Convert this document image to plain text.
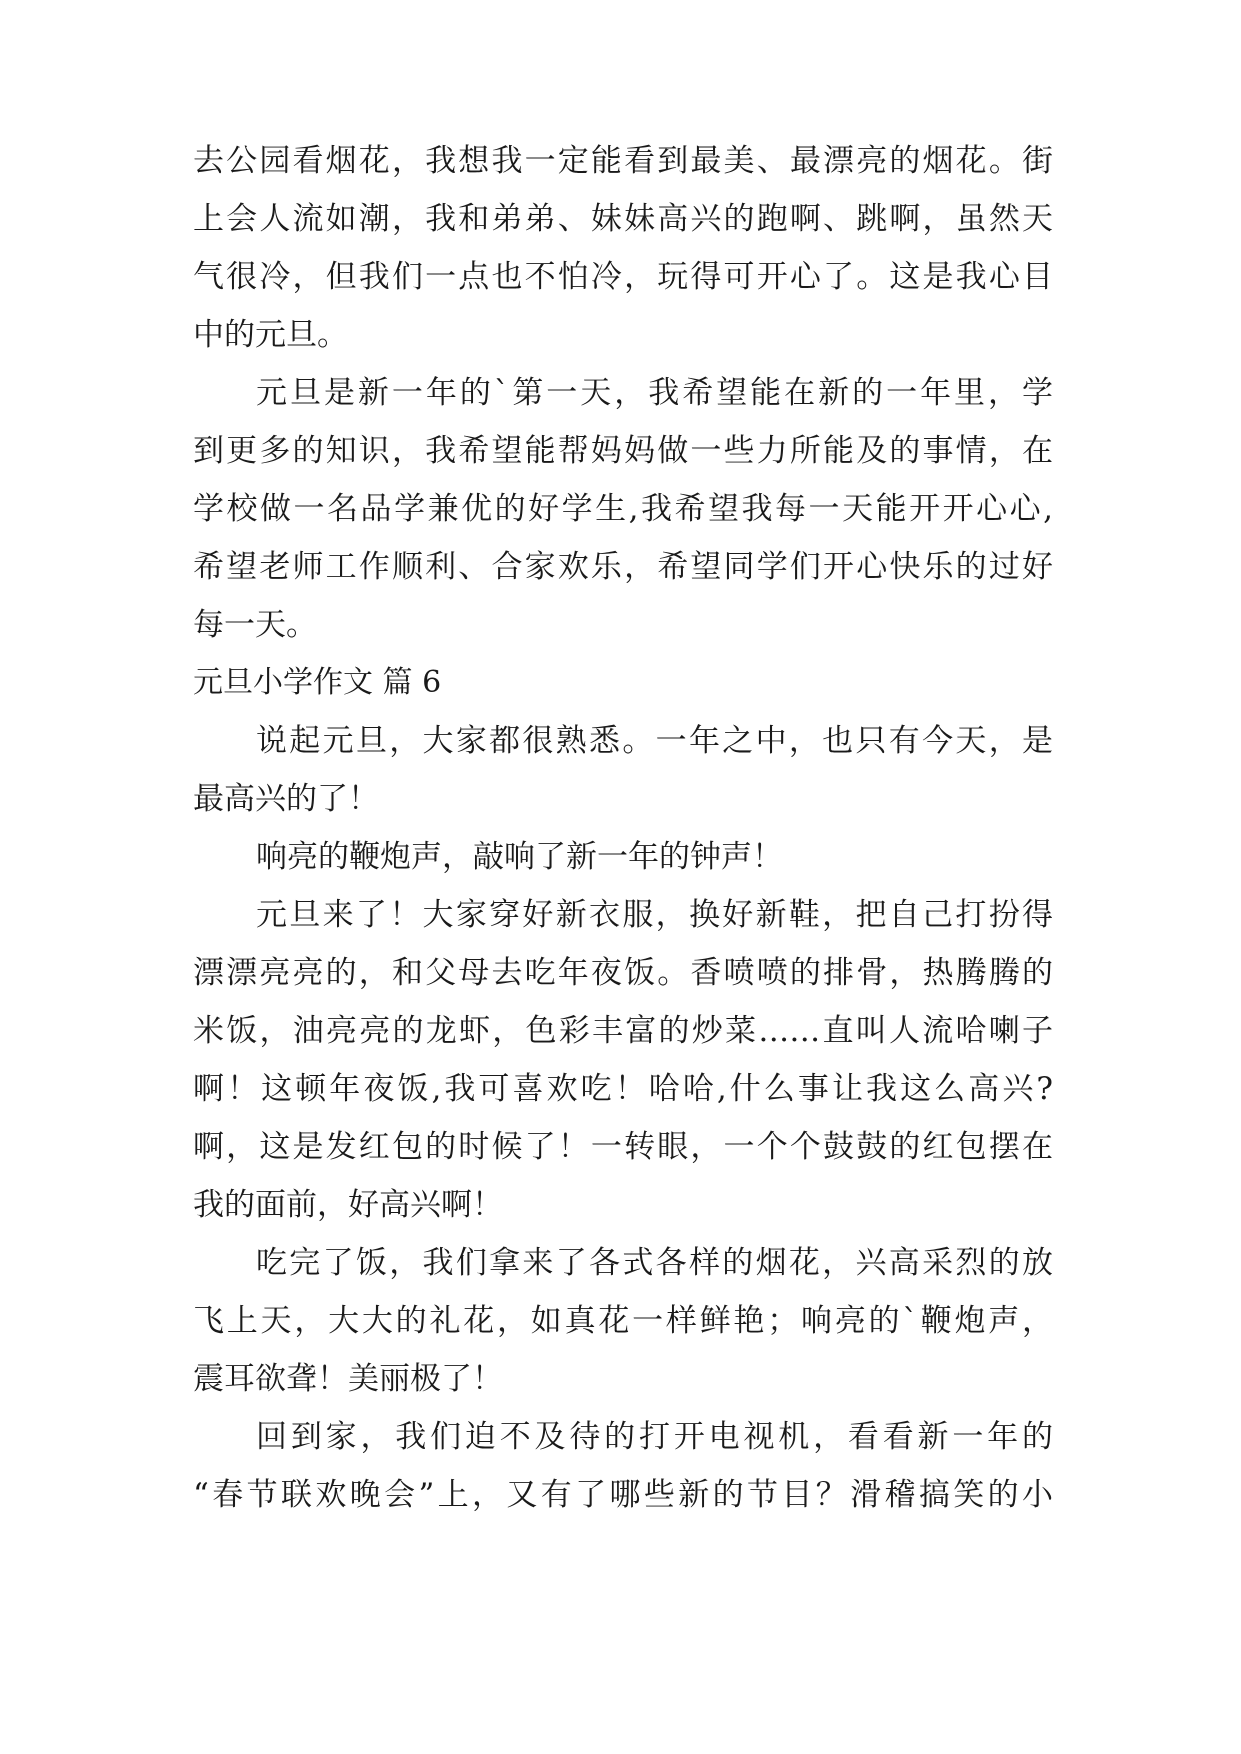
去公园看烟花，我想我一定能看到最美、最漂亮的烟花。街
上会人流如潮，我和弟弟、妹妹高兴的跑啊、跳啊，虽然天
气很冷，但我们一点也不怕冷，玩得可开心了。这是我心目
中的元旦。
元旦是新一年的`第一天，我希望能在新的一年里，学
到更多的知识，我希望能帮妈妈做一些力所能及的事情，在
学校做一名品学兼优的好学生,我希望我每一天能开开心心,
希望老师工作顺利、合家欢乐，希望同学们开心快乐的过好
每一天。
元旦小学作文 篇 6
说起元旦，大家都很熟悉。一年之中，也只有今天，是
最高兴的了！
响亮的鞭炮声，敲响了新一年的钟声！
元旦来了！大家穿好新衣服，换好新鞋，把自己打扮得
漂漂亮亮的，和父母去吃年夜饭。香喷喷的排骨，热腾腾的
米饭，油亮亮的龙虾，色彩丰富的炒菜……直叫人流哈喇子
啊！这顿年夜饭,我可喜欢吃！哈哈,什么事让我这么高兴?
啊，这是发红包的时候了！一转眼，一个个鼓鼓的红包摆在
我的面前，好高兴啊！
吃完了饭，我们拿来了各式各样的烟花，兴高采烈的放
飞上天，大大的礼花，如真花一样鲜艳；响亮的`鞭炮声，
震耳欲聋！美丽极了！
回到家，我们迫不及待的打开电视机，看看新一年的
“春节联欢晚会”上，又有了哪些新的节目？滑稽搞笑的小
